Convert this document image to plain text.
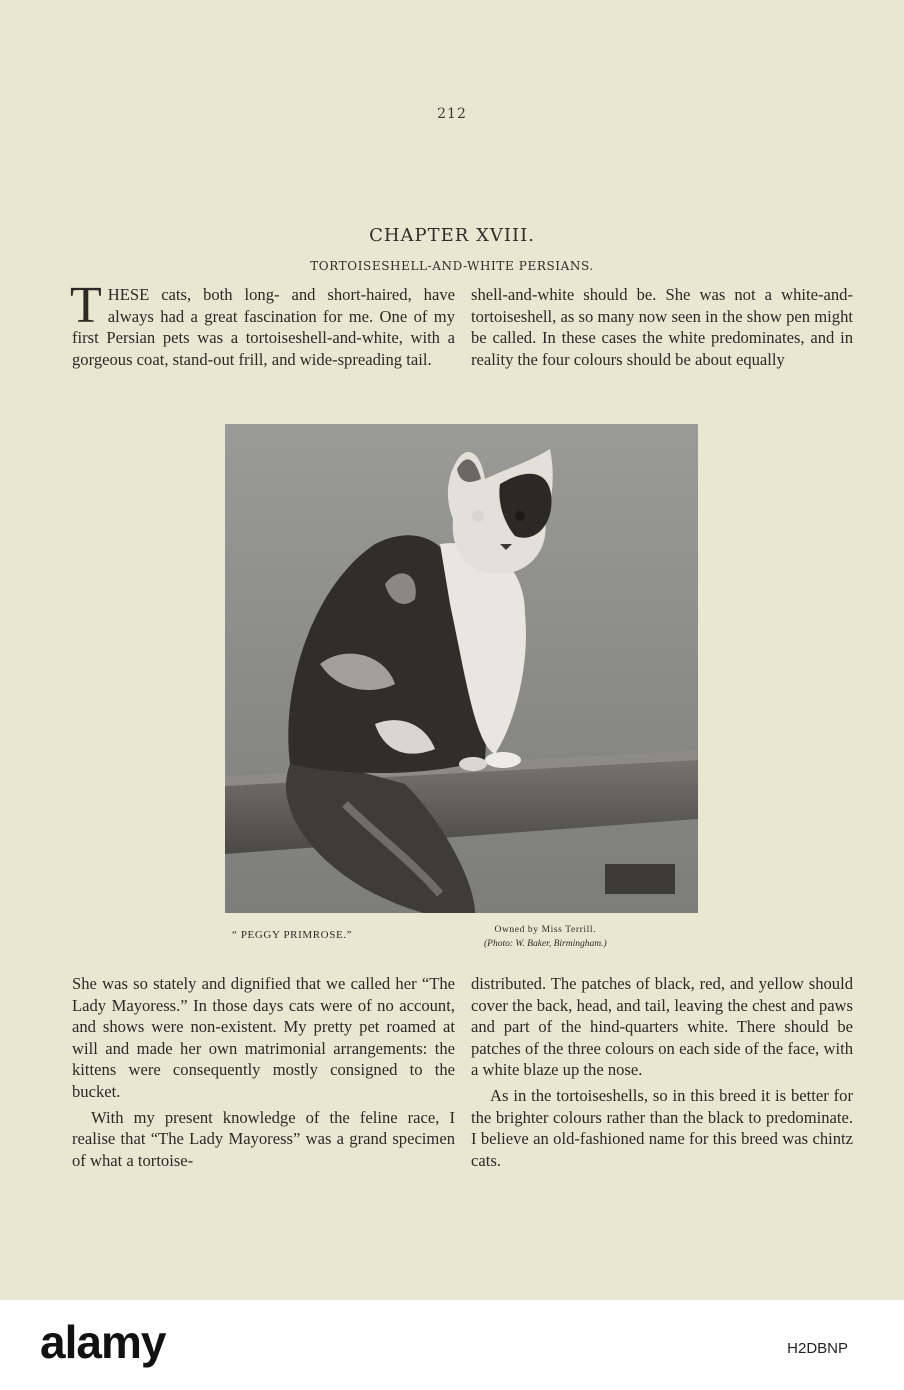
212
CHAPTER XVIII.
TORTOISESHELL-AND-WHITE PERSIANS.

THESE cats, both long- and short-haired, have always had a great fascination for me. One of my first Persian pets was a tortoiseshell-and-white, with a gorgeous coat, stand-out frill, and wide-spreading tail.

shell-and-white should be. She was not a white-and-tortoiseshell, as so many now seen in the show pen might be called. In these cases the white predominates, and in reality the four colours should be about equally

“ PEGGY PRIMROSE.”	Owned by Miss Terrill.
(Photo: W. Baker, Birmingham.)

She was so stately and dignified that we called her “The Lady Mayoress.” In those days cats were of no account, and shows were non-existent. My pretty pet roamed at will and made her own matrimonial arrangements: the kittens were consequently mostly consigned to the bucket.

With my present knowledge of the feline race, I realise that “The Lady Mayoress” was a grand specimen of what a tortoise-

distributed. The patches of black, red, and yellow should cover the back, head, and tail, leaving the chest and paws and part of the hind-quarters white. There should be patches of the three colours on each side of the face, with a white blaze up the nose.

As in the tortoiseshells, so in this breed it is better for the brighter colours rather than the black to predominate. I believe an old-fashioned name for this breed was chintz cats.

alamy	H2DBNP
